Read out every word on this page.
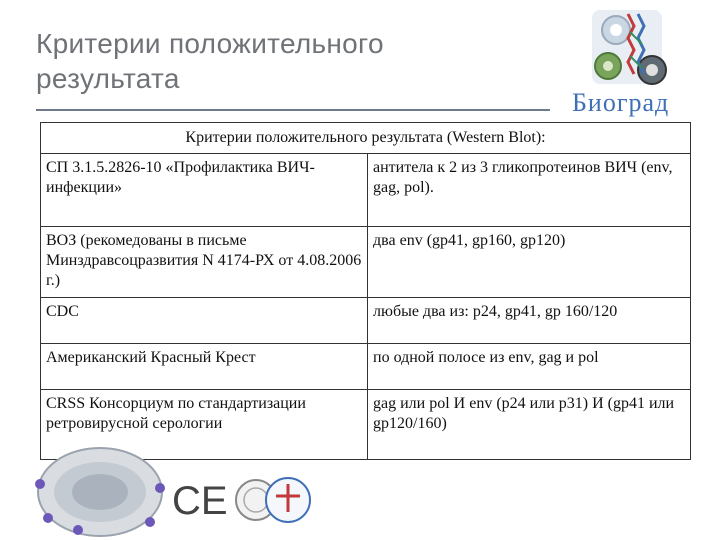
Критерии положительного
результата
Биоград
Критерии положительного результата (Western Blot):
СП 3.1.5.2826-10 «Профилактика ВИЧ-инфекции»	антитела к 2 из 3 гликопротеинов ВИЧ (env, gag, pol).
ВОЗ (рекомедованы в письме Минздравсоцразвития N 4174-РХ от 4.08.2006 г.)	два env (gp41, gp160, gp120)
CDC	любые два из: p24, gp41, gp 160/120
Американский Красный Крест	по одной полосе из env, gag и pol
CRSS Консорциум по стандартизации ретровирусной серологии	gag или pol И env (p24 или p31) И (gp41 или gp120/160)
CE
